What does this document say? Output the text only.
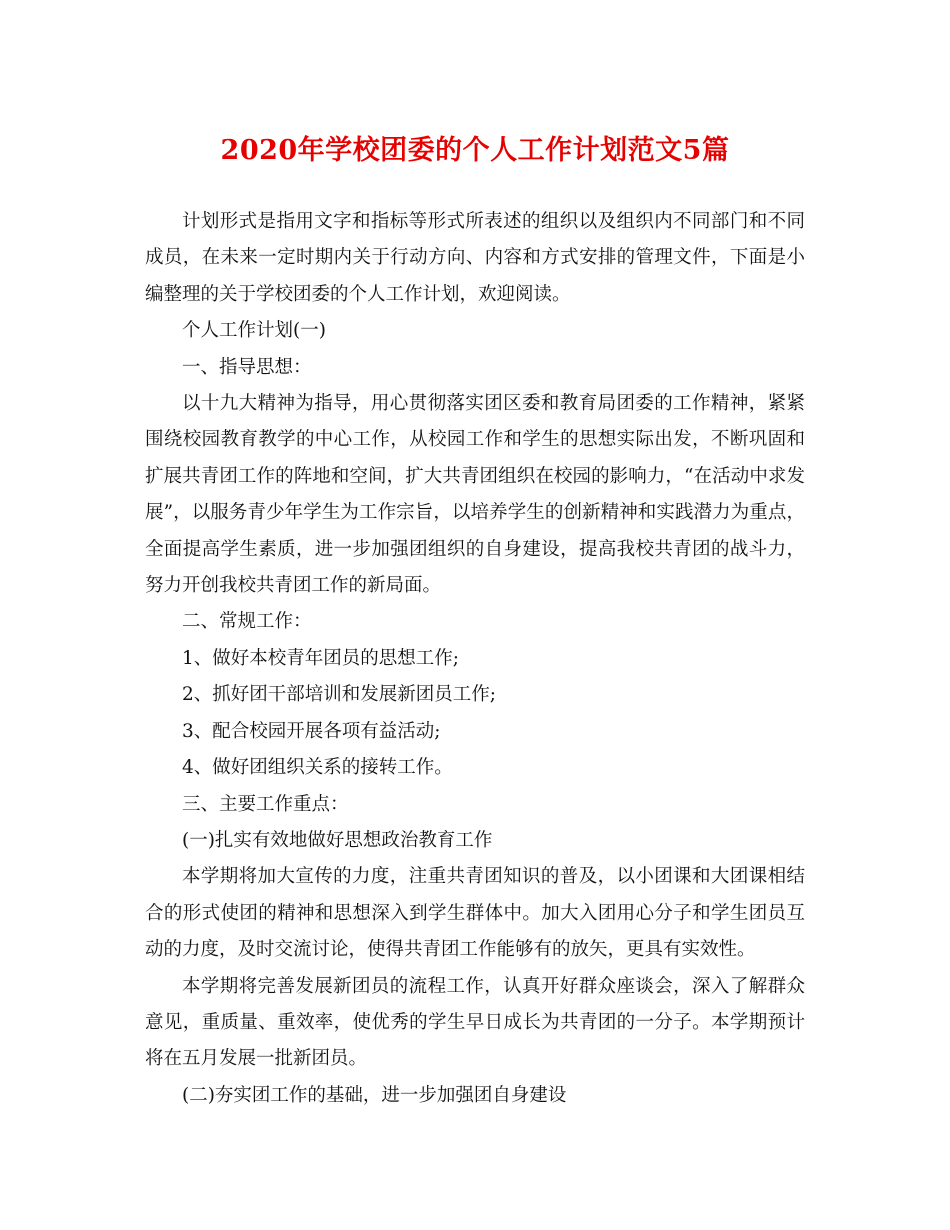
2020年学校团委的个人工作计划范文5篇

计划形式是指用文字和指标等形式所表述的组织以及组织内不同部门和不同成员，在未来一定时期内关于行动方向、内容和方式安排的管理文件，下面是小编整理的关于学校团委的个人工作计划，欢迎阅读。

个人工作计划(一)

一、指导思想：

以十九大精神为指导，用心贯彻落实团区委和教育局团委的工作精神，紧紧围绕校园教育教学的中心工作，从校园工作和学生的思想实际出发，不断巩固和扩展共青团工作的阵地和空间，扩大共青团组织在校园的影响力，“在活动中求发展”，以服务青少年学生为工作宗旨，以培养学生的创新精神和实践潜力为重点，全面提高学生素质，进一步加强团组织的自身建设，提高我校共青团的战斗力，努力开创我校共青团工作的新局面。

二、常规工作：

1、做好本校青年团员的思想工作;

2、抓好团干部培训和发展新团员工作;

3、配合校园开展各项有益活动;

4、做好团组织关系的接转工作。

三、主要工作重点：

(一)扎实有效地做好思想政治教育工作

本学期将加大宣传的力度，注重共青团知识的普及，以小团课和大团课相结合的形式使团的精神和思想深入到学生群体中。加大入团用心分子和学生团员互动的力度，及时交流讨论，使得共青团工作能够有的放矢，更具有实效性。

本学期将完善发展新团员的流程工作，认真开好群众座谈会，深入了解群众意见，重质量、重效率，使优秀的学生早日成长为共青团的一分子。本学期预计将在五月发展一批新团员。

(二)夯实团工作的基础，进一步加强团自身建设
